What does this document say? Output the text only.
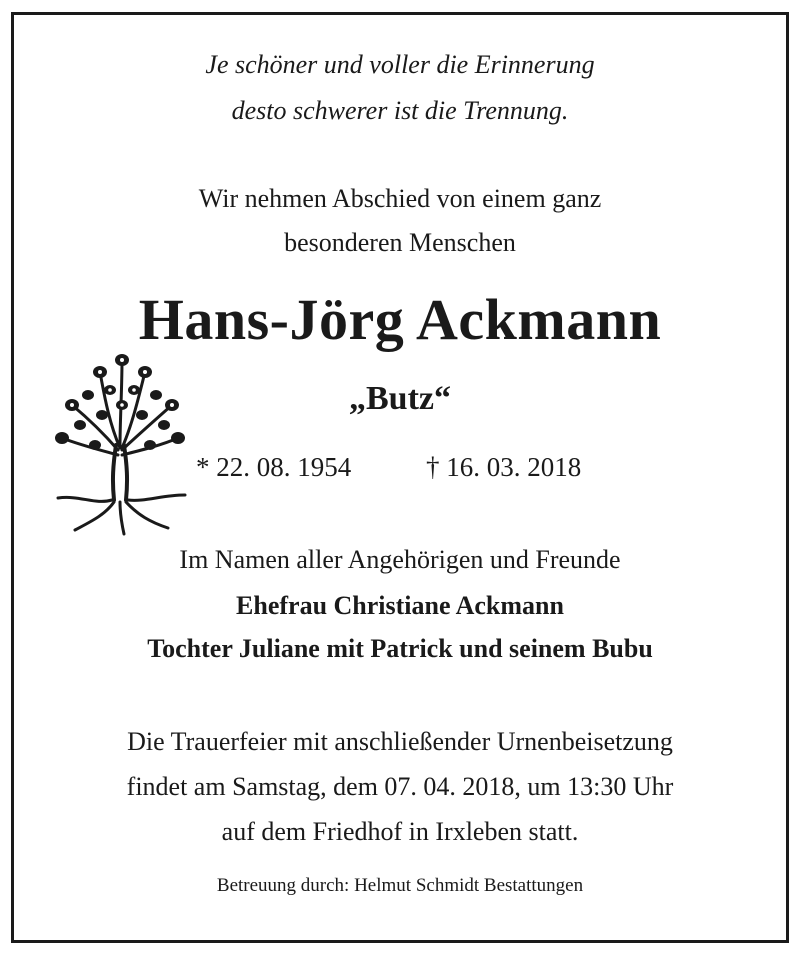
Je schöner und voller die Erinnerung

desto schwerer ist die Trennung.

Wir nehmen Abschied von einem ganz

besonderen Menschen

Hans-Jörg Ackmann

„Butz“

* 22. 08. 1954	† 16. 03. 2018

Im Namen aller Angehörigen und Freunde

Ehefrau Christiane Ackmann

Tochter Juliane mit Patrick und seinem Bubu

Die Trauerfeier mit anschließender Urnenbeisetzung

findet am Samstag, dem 07. 04. 2018, um 13:30 Uhr

auf dem Friedhof in Irxleben statt.

Betreuung durch: Helmut Schmidt Bestattungen
